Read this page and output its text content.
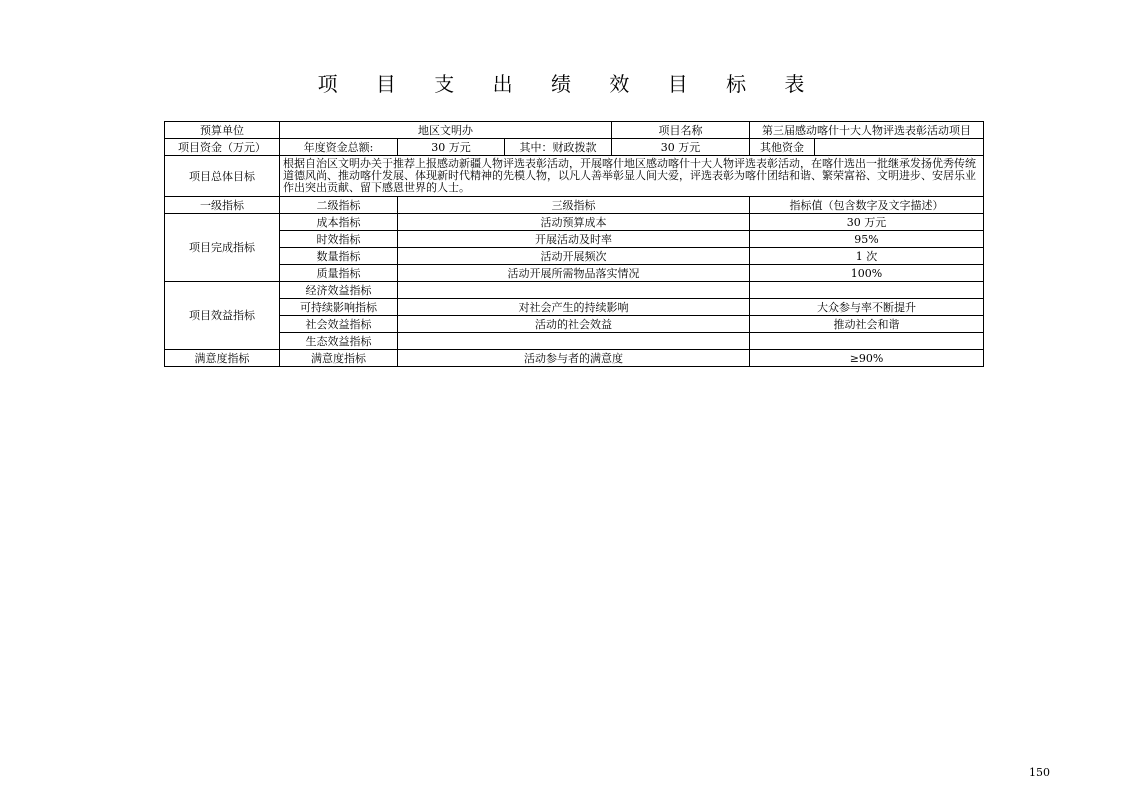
项 目 支 出 绩 效 目 标 表
预算单位	地区文明办			项目名称	第三届感动喀什十大人物评选表彰活动项目	
项目资金（万元）	年度资金总额:	30 万元	其中：财政拨款	30 万元	其他资金	
项目总体目标	根据自治区文明办关于推荐上报感动新疆人物评选表彰活动，开展喀什地区感动喀什十大人物评选表彰活动，在喀什选出一批继承发扬优秀传统道德风尚、推动喀什发展、体现新时代精神的先模人物，以凡人善举彰显人间大爱，评选表彰为喀什团结和谐、繁荣富裕、文明进步、安居乐业作出突出贡献、留下感恩世界的人士。					
一级指标	二级指标	三级指标			指标值（包含数字及文字描述）	
项目完成指标	成本指标	活动预算成本			30 万元	
	时效指标	开展活动及时率			95%	
	数量指标	活动开展频次			1 次	
	质量指标	活动开展所需物品落实情况			100%	
项目效益指标	经济效益指标					
	可持续影响指标	对社会产生的持续影响			大众参与率不断提升	
	社会效益指标	活动的社会效益			推动社会和谐	
	生态效益指标					
满意度指标	满意度指标	活动参与者的满意度			≥90%	
150
